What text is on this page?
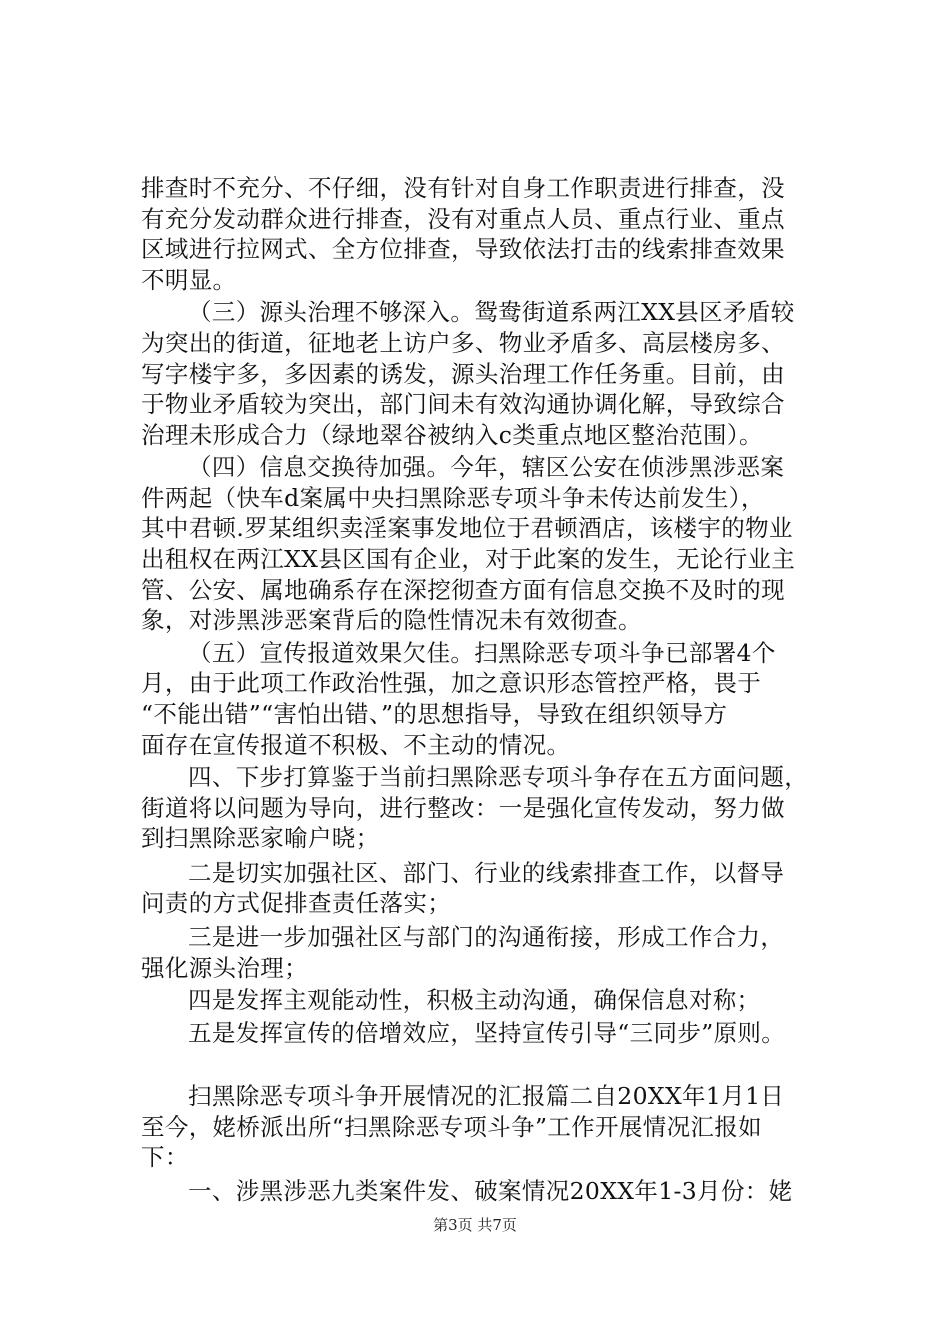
排查时不充分、不仔细，没有针对自身工作职责进行排查，没
有充分发动群众进行排查，没有对重点人员、重点行业、重点
区域进行拉网式、全方位排查，导致依法打击的线索排查效果
不明显。
（三）源头治理不够深入。鸳鸯街道系两江XX县区矛盾较
为突出的街道，征地老上访户多、物业矛盾多、高层楼房多、
写字楼宇多，多因素的诱发，源头治理工作任务重。目前，由
于物业矛盾较为突出，部门间未有效沟通协调化解，导致综合
治理未形成合力（绿地翠谷被纳入c类重点地区整治范围）。
（四）信息交换待加强。今年，辖区公安在侦涉黑涉恶案
件两起（快车d案属中央扫黑除恶专项斗争未传达前发生），
其中君顿.罗某组织卖淫案事发地位于君顿酒店，该楼宇的物业
出租权在两江XX县区国有企业，对于此案的发生，无论行业主
管、公安、属地确系存在深挖彻查方面有信息交换不及时的现
象，对涉黑涉恶案背后的隐性情况未有效彻查。
（五）宣传报道效果欠佳。扫黑除恶专项斗争已部署4个
月，由于此项工作政治性强，加之意识形态管控严格，畏于
“不能出错”“害怕出错、”的思想指导，导致在组织领导方
面存在宣传报道不积极、不主动的情况。
四、下步打算鉴于当前扫黑除恶专项斗争存在五方面问题，
街道将以问题为导向，进行整改：一是强化宣传发动，努力做
到扫黑除恶家喻户晓；
二是切实加强社区、部门、行业的线索排查工作，以督导
问责的方式促排查责任落实；
三是进一步加强社区与部门的沟通衔接，形成工作合力，
强化源头治理；
四是发挥主观能动性，积极主动沟通，确保信息对称；
五是发挥宣传的倍增效应，坚持宣传引导“三同步”原则。
扫黑除恶专项斗争开展情况的汇报篇二自20XX年1月1日
至今，姥桥派出所“扫黑除恶专项斗争”工作开展情况汇报如
下：
一、涉黑涉恶九类案件发、破案情况20XX年1-3月份：姥
第3页 共7页
